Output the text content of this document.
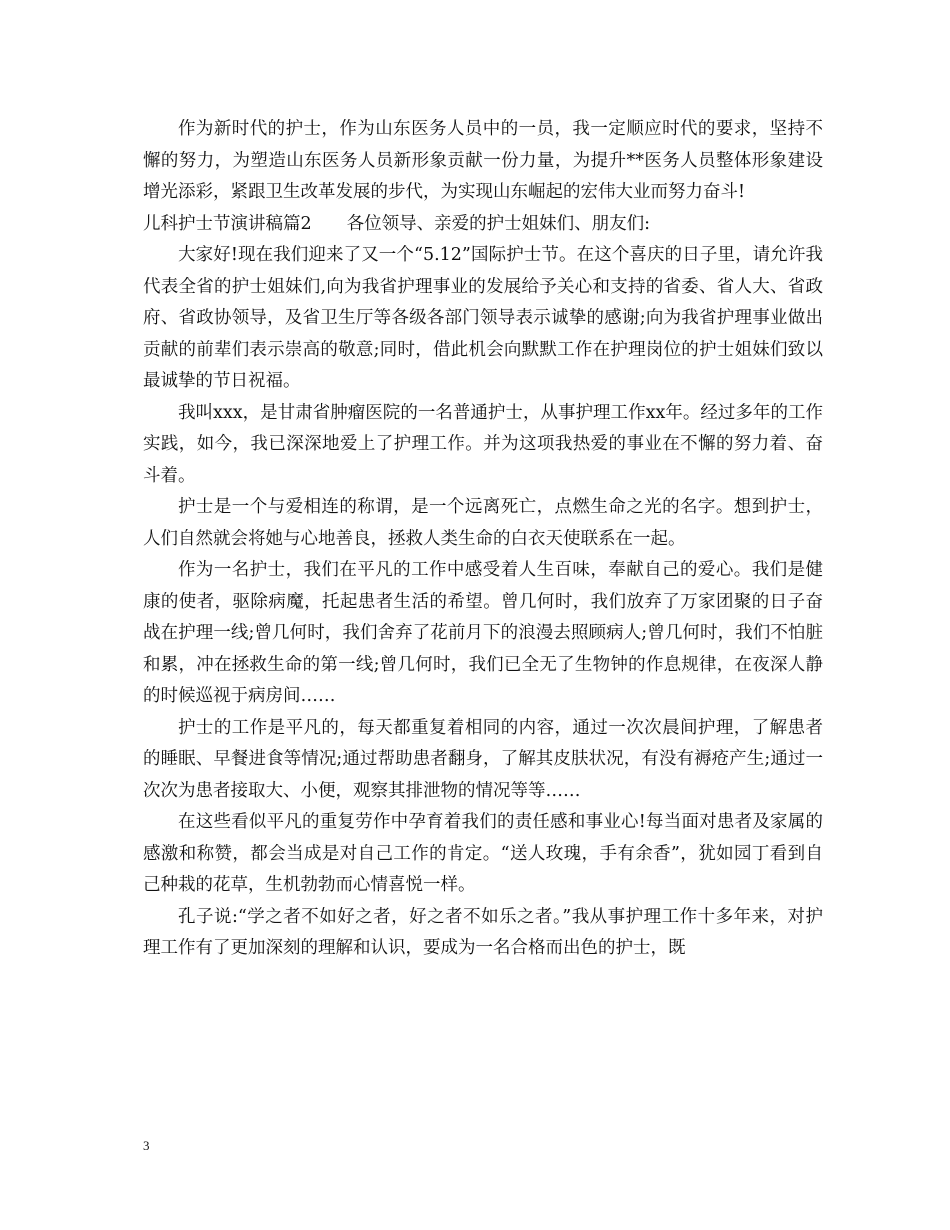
作为新时代的护士，作为山东医务人员中的一员，我一定顺应时代的要求，坚持不懈的努力，为塑造山东医务人员新形象贡献一份力量，为提升**医务人员整体形象建设增光添彩，紧跟卫生改革发展的步代，为实现山东崛起的宏伟大业而努力奋斗!

儿科护士节演讲稿篇2　　各位领导、亲爱的护士姐妹们、朋友们:

大家好!现在我们迎来了又一个“5.12”国际护士节。在这个喜庆的日子里，请允许我代表全省的护士姐妹们,向为我省护理事业的发展给予关心和支持的省委、省人大、省政府、省政协领导，及省卫生厅等各级各部门领导表示诚挚的感谢;向为我省护理事业做出贡献的前辈们表示崇高的敬意;同时，借此机会向默默工作在护理岗位的护士姐妹们致以最诚挚的节日祝福。

我叫xxx，是甘肃省肿瘤医院的一名普通护士，从事护理工作xx年。经过多年的工作实践，如今，我已深深地爱上了护理工作。并为这项我热爱的事业在不懈的努力着、奋斗着。

护士是一个与爱相连的称谓，是一个远离死亡，点燃生命之光的名字。想到护士，人们自然就会将她与心地善良，拯救人类生命的白衣天使联系在一起。

作为一名护士，我们在平凡的工作中感受着人生百味，奉献自己的爱心。我们是健康的使者，驱除病魔，托起患者生活的希望。曾几何时，我们放弃了万家团聚的日子奋战在护理一线;曾几何时，我们舍弃了花前月下的浪漫去照顾病人;曾几何时，我们不怕脏和累，冲在拯救生命的第一线;曾几何时，我们已全无了生物钟的作息规律，在夜深人静的时候巡视于病房间……

护士的工作是平凡的，每天都重复着相同的内容，通过一次次晨间护理，了解患者的睡眠、早餐进食等情况;通过帮助患者翻身，了解其皮肤状况，有没有褥疮产生;通过一次次为患者接取大、小便，观察其排泄物的情况等等……

在这些看似平凡的重复劳作中孕育着我们的责任感和事业心!每当面对患者及家属的感激和称赞，都会当成是对自己工作的肯定。“送人玫瑰，手有余香”，犹如园丁看到自己种栽的花草，生机勃勃而心情喜悦一样。

孔子说:“学之者不如好之者，好之者不如乐之者。”我从事护理工作十多年来，对护理工作有了更加深刻的理解和认识，要成为一名合格而出色的护士，既

3
